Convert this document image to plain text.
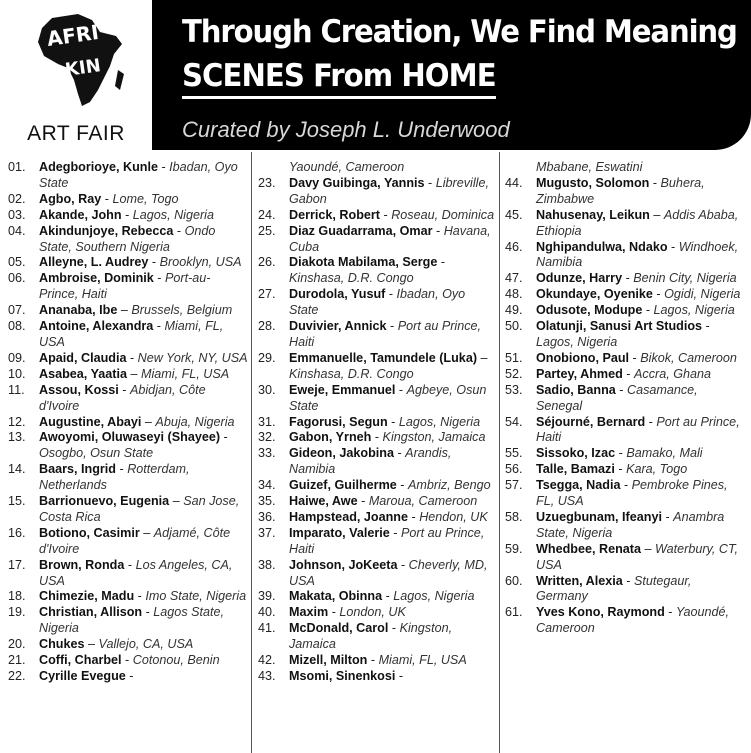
AFRI
KIN
ART FAIR
Through Creation, We Find Meaning
SCENES From HOME
Curated by Joseph L. Underwood
01.	Adegborioye, Kunle - Ibadan, Oyo State
02.	Agbo, Ray - Lome, Togo
03.	Akande, John - Lagos, Nigeria
04.	Akindunjoye, Rebecca - Ondo State, Southern Nigeria
05.	Alleyne, L. Audrey - Brooklyn, USA
06.	Ambroise, Dominik - Port-au-Prince, Haiti
07.	Ananaba, Ibe – Brussels, Belgium
08.	Antoine, Alexandra - Miami, FL, USA
09.	Apaid, Claudia - New York, NY, USA
10.	Asabea, Yaatia – Miami, FL, USA
11.	Assou, Kossi - Abidjan, Côte d'Ivoire
12.	Augustine, Abayi – Abuja, Nigeria
13.	Awoyomi, Oluwaseyi (Shayee) - Osogbo, Osun State
14.	Baars, Ingrid - Rotterdam, Netherlands
15.	Barrionuevo, Eugenia – San Jose, Costa Rica
16.	Botiono, Casimir – Adjamé, Côte d'Ivoire
17.	Brown, Ronda - Los Angeles, CA, USA
18.	Chimezie, Madu - Imo State, Nigeria
19.	Christian, Allison - Lagos State, Nigeria
20.	Chukes – Vallejo, CA, USA
21.	Coffi, Charbel - Cotonou, Benin
22.	Cyrille Evegue -
Yaoundé, Cameroon
23.	Davy Guibinga, Yannis - Libreville, Gabon
24.	Derrick, Robert - Roseau, Dominica
25.	Diaz Guadarrama, Omar - Havana, Cuba
26.	Diakota Mabilama, Serge - Kinshasa, D.R. Congo
27.	Durodola, Yusuf - Ibadan, Oyo State
28.	Duvivier, Annick - Port au Prince, Haiti
29.	Emmanuelle, Tamundele (Luka) – Kinshasa, D.R. Congo
30.	Eweje, Emmanuel - Agbeye, Osun State
31.	Fagorusi, Segun - Lagos, Nigeria
32.	Gabon, Yrneh - Kingston, Jamaica
33.	Gideon, Jakobina - Arandis, Namibia
34.	Guizef, Guilherme - Ambriz, Bengo
35.	Haiwe, Awe - Maroua, Cameroon
36.	Hampstead, Joanne - Hendon, UK
37.	Imparato, Valerie - Port au Prince, Haiti
38.	Johnson, JoKeeta - Cheverly, MD, USA
39.	Makata, Obinna - Lagos, Nigeria
40.	Maxim - London, UK
41.	McDonald, Carol - Kingston, Jamaica
42.	Mizell, Milton - Miami, FL, USA
43.	Msomi, Sinenkosi -
Mbabane, Eswatini
44.	Mugusto, Solomon - Buhera, Zimbabwe
45.	Nahusenay, Leikun – Addis Ababa, Ethiopia
46.	Nghipandulwa, Ndako - Windhoek, Namibia
47.	Odunze, Harry - Benin City, Nigeria
48.	Okundaye, Oyenike - Ogidi, Nigeria
49.	Odusote, Modupe - Lagos, Nigeria
50.	Olatunji, Sanusi Art Studios - Lagos, Nigeria
51.	Onobiono, Paul - Bikok, Cameroon
52.	Partey, Ahmed - Accra, Ghana
53.	Sadio, Banna - Casamance, Senegal
54.	Séjourné, Bernard - Port au Prince, Haiti
55.	Sissoko, Izac - Bamako, Mali
56.	Talle, Bamazi - Kara, Togo
57.	Tsegga, Nadia - Pembroke Pines, FL, USA
58.	Uzuegbunam, Ifeanyi - Anambra State, Nigeria
59.	Whedbee, Renata – Waterbury, CT, USA
60.	Written, Alexia - Stutegaur, Germany
61.	Yves Kono, Raymond - Yaoundé, Cameroon
